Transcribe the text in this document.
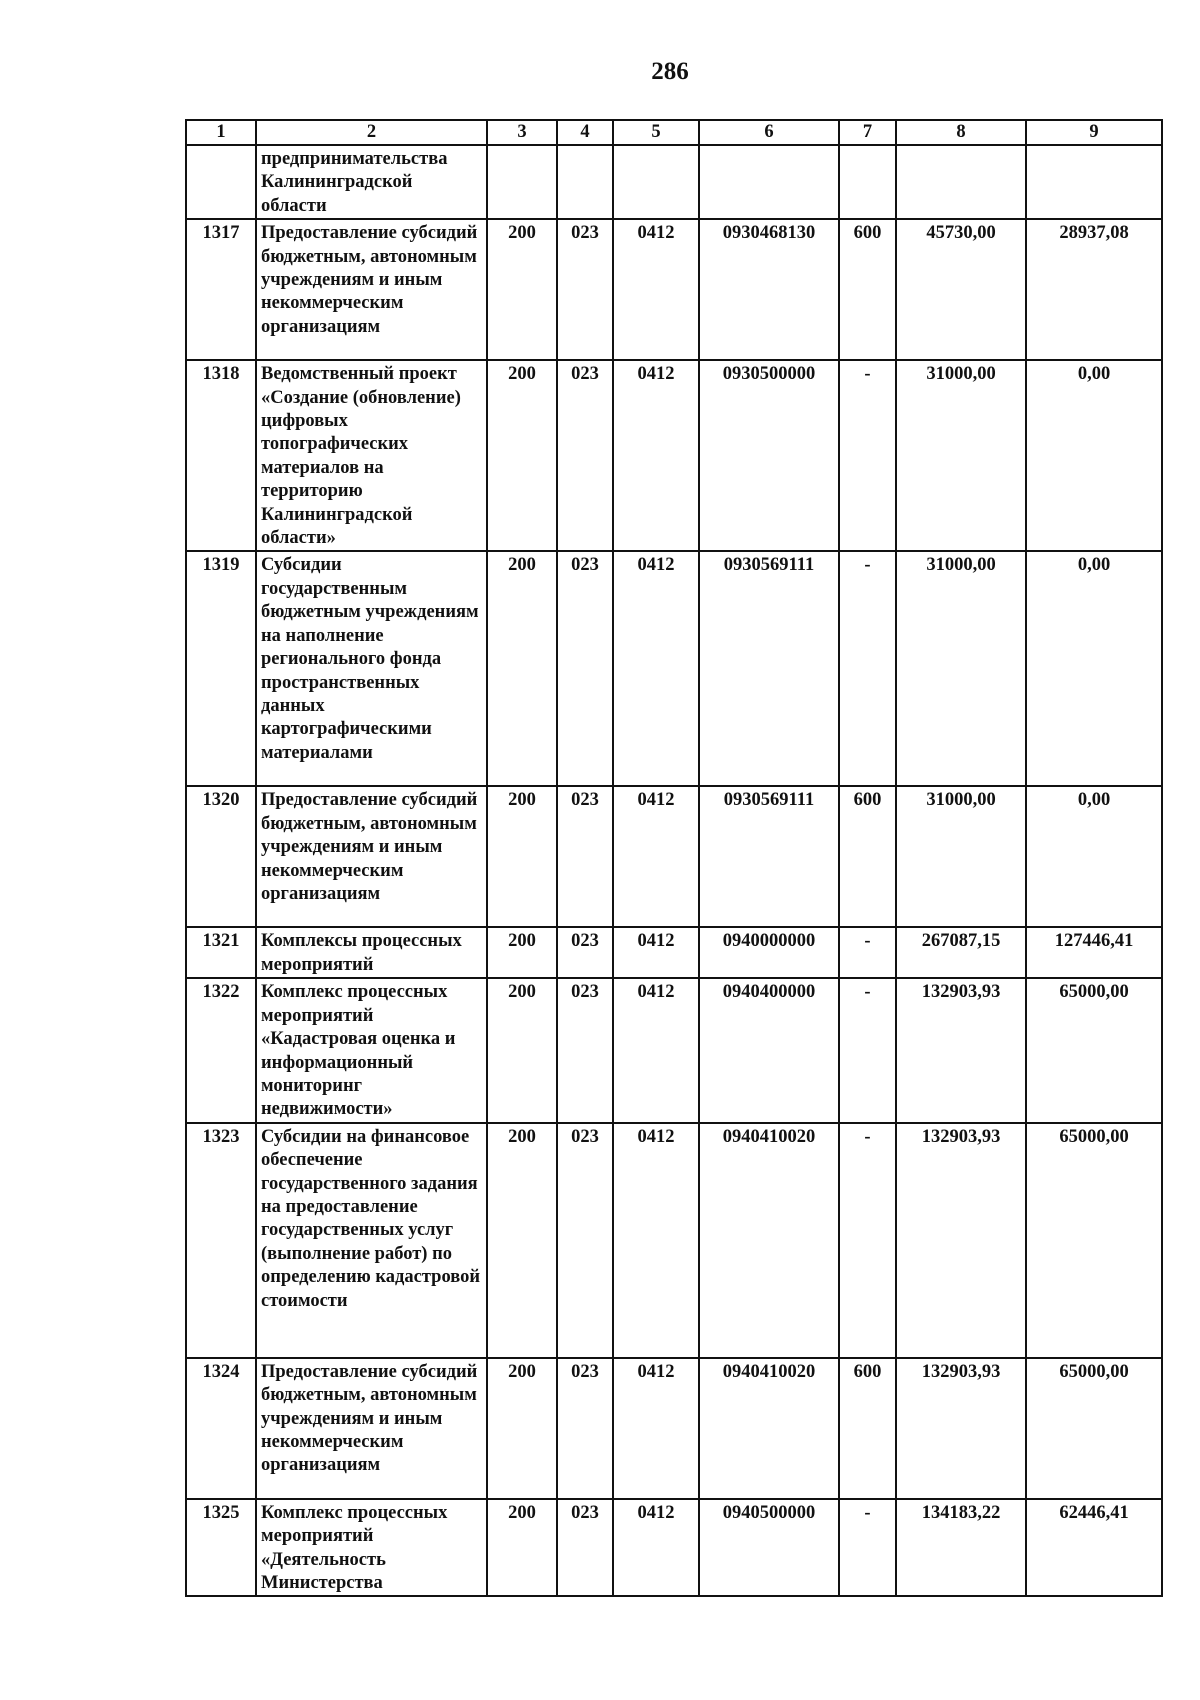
286
1	2	3	4	5	6	7	8	9
	предпринимательства Калининградской области							
1317	Предоставление субсидий бюджетным, автономным учреждениям и иным некоммерческим организациям	200	023	0412	0930468130	600	45730,00	28937,08
1318	Ведомственный проект «Создание (обновление) цифровых топографических материалов на территорию Калининградской области»	200	023	0412	0930500000	-	31000,00	0,00
1319	Субсидии государственным бюджетным учреждениям на наполнение регионального фонда пространственных данных картографическими материалами	200	023	0412	0930569111	-	31000,00	0,00
1320	Предоставление субсидий бюджетным, автономным учреждениям и иным некоммерческим организациям	200	023	0412	0930569111	600	31000,00	0,00
1321	Комплексы процессных мероприятий	200	023	0412	0940000000	-	267087,15	127446,41
1322	Комплекс процессных мероприятий «Кадастровая оценка и информационный мониторинг недвижимости»	200	023	0412	0940400000	-	132903,93	65000,00
1323	Субсидии на финансовое обеспечение государственного задания на предоставление государственных услуг (выполнение работ) по определению кадастровой стоимости	200	023	0412	0940410020	-	132903,93	65000,00
1324	Предоставление субсидий бюджетным, автономным учреждениям и иным некоммерческим организациям	200	023	0412	0940410020	600	132903,93	65000,00
1325	Комплекс процессных мероприятий «Деятельность Министерства	200	023	0412	0940500000	-	134183,22	62446,41
